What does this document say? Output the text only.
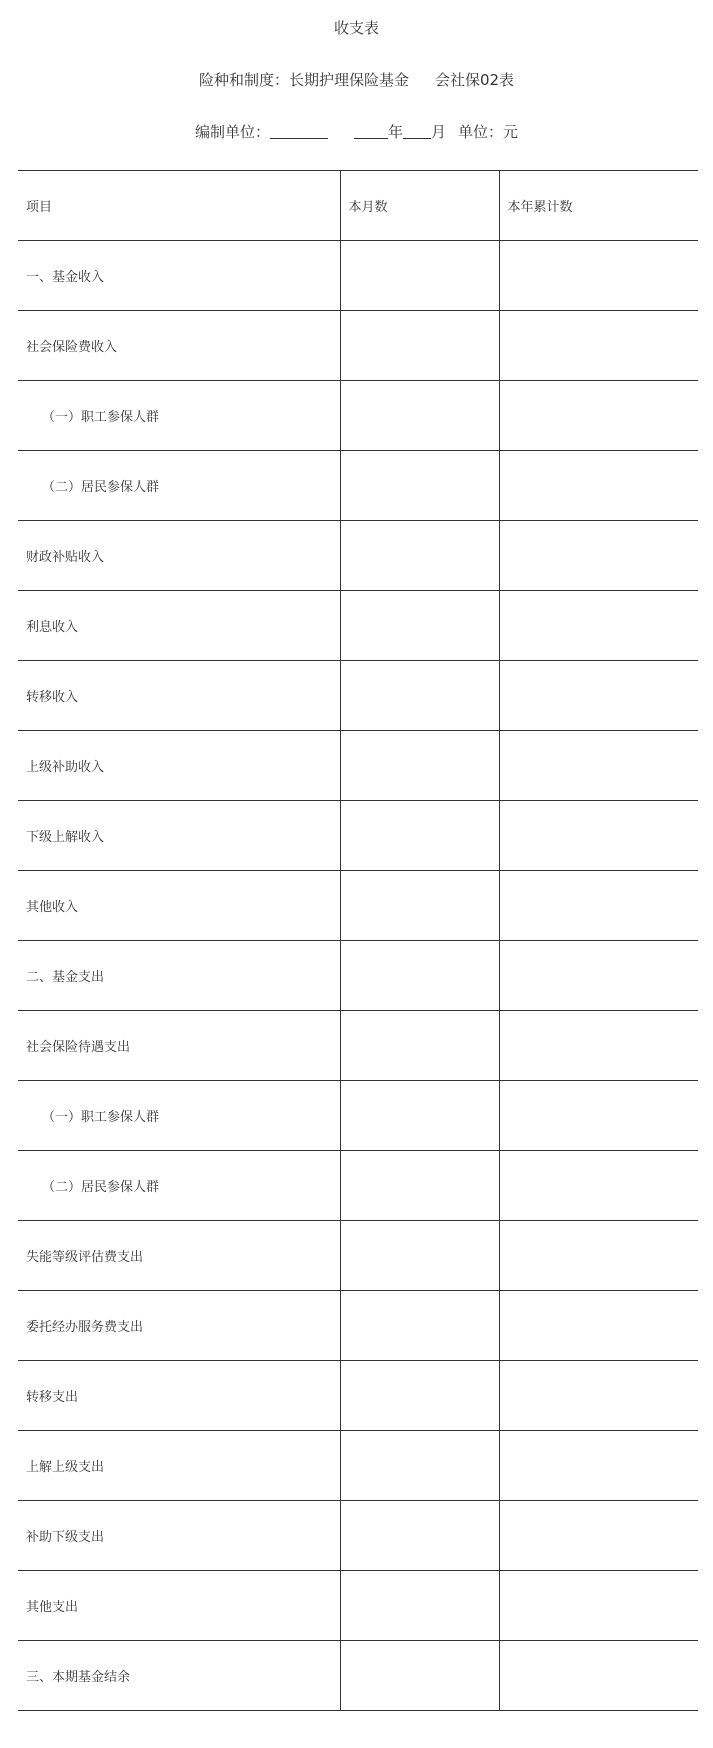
收支表
险种和制度：长期护理保险基金 会社保02表
编制单位：	年 月 单位：元
项目	本月数	本年累计数
一、基金收入		
社会保险费收入		
（一）职工参保人群		
（二）居民参保人群		
财政补贴收入		
利息收入		
转移收入		
上级补助收入		
下级上解收入		
其他收入		
二、基金支出		
社会保险待遇支出		
（一）职工参保人群		
（二）居民参保人群		
失能等级评估费支出		
委托经办服务费支出		
转移支出		
上解上级支出		
补助下级支出		
其他支出		
三、本期基金结余		
